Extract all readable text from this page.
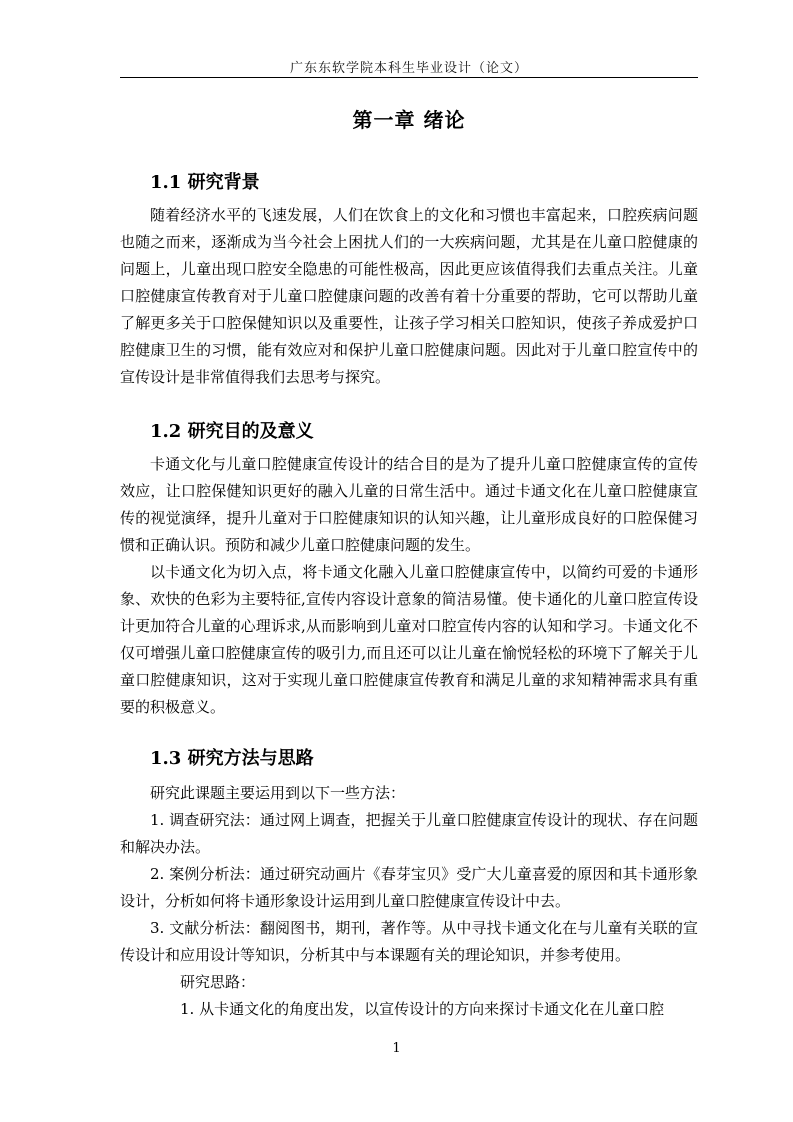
广东东软学院本科生毕业设计（论文）
第一章 绪论
1.1 研究背景

随着经济水平的飞速发展，人们在饮食上的文化和习惯也丰富起来，口腔疾病问题也随之而来，逐渐成为当今社会上困扰人们的一大疾病问题，尤其是在儿童口腔健康的问题上，儿童出现口腔安全隐患的可能性极高，因此更应该值得我们去重点关注。儿童口腔健康宣传教育对于儿童口腔健康问题的改善有着十分重要的帮助，它可以帮助儿童了解更多关于口腔保健知识以及重要性，让孩子学习相关口腔知识，使孩子养成爱护口腔健康卫生的习惯，能有效应对和保护儿童口腔健康问题。因此对于儿童口腔宣传中的宣传设计是非常值得我们去思考与探究。

1.2 研究目的及意义

卡通文化与儿童口腔健康宣传设计的结合目的是为了提升儿童口腔健康宣传的宣传效应，让口腔保健知识更好的融入儿童的日常生活中。通过卡通文化在儿童口腔健康宣传的视觉演绎，提升儿童对于口腔健康知识的认知兴趣，让儿童形成良好的口腔保健习惯和正确认识。预防和减少儿童口腔健康问题的发生。

以卡通文化为切入点，将卡通文化融入儿童口腔健康宣传中，以简约可爱的卡通形象、欢快的色彩为主要特征,宣传内容设计意象的简洁易懂。使卡通化的儿童口腔宣传设计更加符合儿童的心理诉求,从而影响到儿童对口腔宣传内容的认知和学习。卡通文化不仅可增强儿童口腔健康宣传的吸引力,而且还可以让儿童在愉悦轻松的环境下了解关于儿童口腔健康知识，这对于实现儿童口腔健康宣传教育和满足儿童的求知精神需求具有重要的积极意义。

1.3 研究方法与思路

研究此课题主要运用到以下一些方法：

1. 调查研究法：通过网上调查，把握关于儿童口腔健康宣传设计的现状、存在问题和解决办法。

2. 案例分析法：通过研究动画片《春芽宝贝》受广大儿童喜爱的原因和其卡通形象设计，分析如何将卡通形象设计运用到儿童口腔健康宣传设计中去。

3. 文献分析法：翻阅图书，期刊，著作等。从中寻找卡通文化在与儿童有关联的宣传设计和应用设计等知识，分析其中与本课题有关的理论知识，并参考使用。

研究思路：
1. 从卡通文化的角度出发，以宣传设计的方向来探讨卡通文化在儿童口腔
1
